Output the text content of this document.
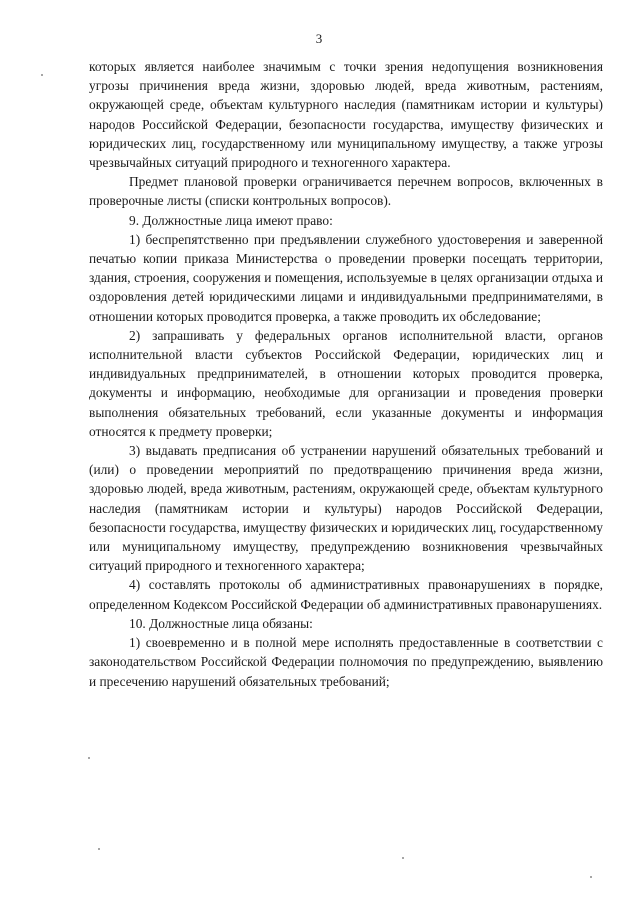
3

которых является наиболее значимым с точки зрения недопущения возникновения угрозы причинения вреда жизни, здоровью людей, вреда животным, растениям, окружающей среде, объектам культурного наследия (памятникам истории и культуры) народов Российской Федерации, безопасности государства, имуществу физических и юридических лиц, государственному или муниципальному имуществу, а также угрозы чрезвычайных ситуаций природного и техногенного характера.

Предмет плановой проверки ограничивается перечнем вопросов, включенных в проверочные листы (списки контрольных вопросов).

9. Должностные лица имеют право:

1) беспрепятственно при предъявлении служебного удостоверения и заверенной печатью копии приказа Министерства о проведении проверки посещать территории, здания, строения, сооружения и помещения, используемые в целях организации отдыха и оздоровления детей юридическими лицами и индивидуальными предпринимателями, в отношении которых проводится проверка, а также проводить их обследование;

2) запрашивать у федеральных органов исполнительной власти, органов исполнительной власти субъектов Российской Федерации, юридических лиц и индивидуальных предпринимателей, в отношении которых проводится проверка, документы и информацию, необходимые для организации и проведения проверки выполнения обязательных требований, если указанные документы и информация относятся к предмету проверки;

3) выдавать предписания об устранении нарушений обязательных требований и (или) о проведении мероприятий по предотвращению причинения вреда жизни, здоровью людей, вреда животным, растениям, окружающей среде, объектам культурного наследия (памятникам истории и культуры) народов Российской Федерации, безопасности государства, имуществу физических и юридических лиц, государственному или муниципальному имуществу, предупреждению возникновения чрезвычайных ситуаций природного и техногенного характера;

4) составлять протоколы об административных правонарушениях в порядке, определенном Кодексом Российской Федерации об административных правонарушениях.

10. Должностные лица обязаны:

1) своевременно и в полной мере исполнять предоставленные в соответствии с законодательством Российской Федерации полномочия по предупреждению, выявлению и пресечению нарушений обязательных требований;
